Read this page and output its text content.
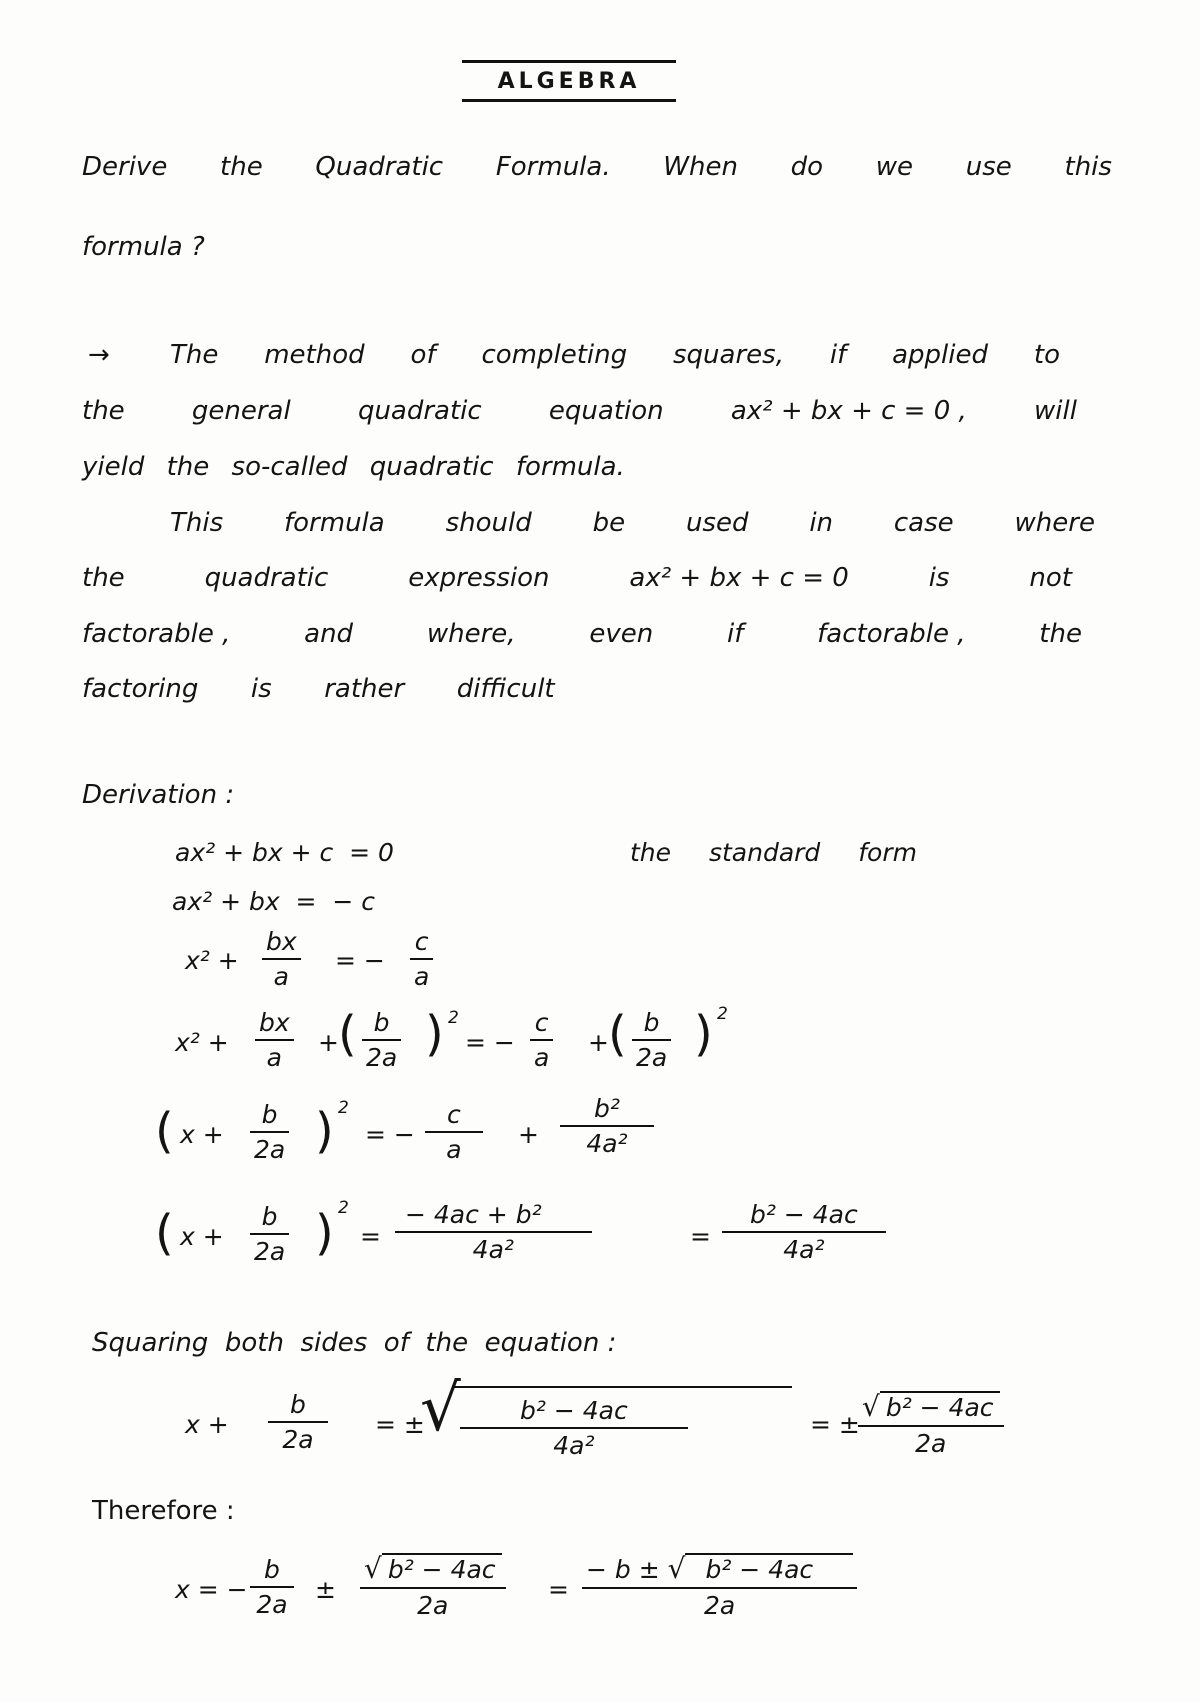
ALGEBRA
Derive the Quadratic Formula. When do we use this
formula ?
→ The method of completing squares, if applied to
the	general	quadratic	equation	ax² + bx + c = 0 ,	will
yield the so-called quadratic formula.
This formula should be used in case where
the	quadratic	expression	ax² + bx + c = 0	is	not
factorable ,	and	where,	even	if	factorable ,	the
factoring  is  rather  difficult
Derivation :
ax² + bx + c  = 0	the standard form
ax² + bx  =  − c
$x^2 + \frac{bx}{a}$ = − $\frac{c}{a}$
$x^2 + \frac{bx}{a}$ + ( $\frac{b}{2a}$ ) 2
= − $\frac{c}{a}$ + ( $\frac{b}{2a}$ ) 2
( $x + \frac{b}{2a}$ ) 2
= − $\frac{c}{a} + \frac{\text{b²}}{\text{4a²}}$
( $x + \frac{b}{2a}$ ) 2
= $\frac{\text{− 4ac + b²}}{\text{4a²}}$	= $\frac{\text{b² − 4ac}}{\text{4a²}}$
Squaring  both  sides  of  the  equation :
$x + \frac{b}{2a}$ = ±
√ $\frac{\text{b² − 4ac}}{\text{4a²}}$	= ±
$\frac{\text{√ b² − 4ac}}{2a}$
Therefore :
x = − $\frac{b}{2a} \pm \frac{\text{√ b² − 4ac}}{2a} = \frac{\text{− b ± √ b² − 4ac}}{2a}$
